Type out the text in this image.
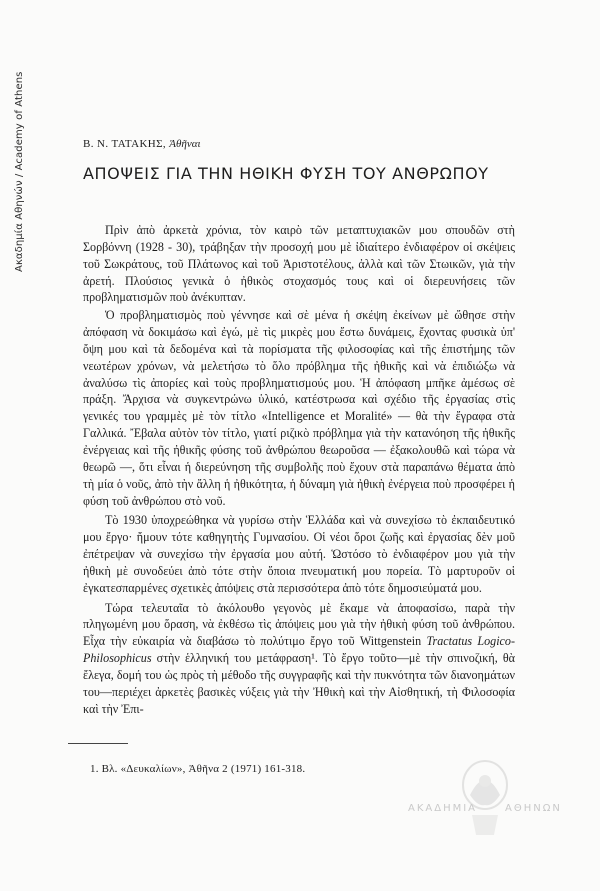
Ακαδημία Αθηνών / Academy of Athens	Β. Ν. ΤΑΤΑΚΗΣ, Ἀθῆναι
ΑΠΟΨΕΙΣ ΓΙΑ ΤΗΝ ΗΘΙΚΗ ΦΥΣΗ ΤΟΥ ΑΝΘΡΩΠΟΥ

Πρὶν ἀπὸ ἀρκετὰ χρόνια, τὸν καιρὸ τῶν μεταπτυχιακῶν μου σπουδῶν στὴ Σορβόννη (1928 - 30), τράβηξαν τὴν προσοχή μου μὲ ἰδιαίτερο ἐνδιαφέρον οἱ σκέψεις τοῦ Σωκράτους, τοῦ Πλάτωνος καὶ τοῦ Ἀριστοτέλους, ἀλλὰ καὶ τῶν Στωικῶν, γιὰ τὴν ἀρετή. Πλούσιος γενικὰ ὁ ἠθικὸς στοχασμός τους καὶ οἱ διερευνήσεις τῶν προβληματισμῶν ποὺ ἀνέκυπταν.

Ὁ προβληματισμὸς ποὺ γέννησε καὶ σὲ μένα ἡ σκέψη ἐκείνων μὲ ὤθησε στὴν ἀπόφαση νὰ δοκιμάσω καὶ ἐγώ, μὲ τὶς μικρὲς μου ἔστω δυνάμεις, ἔχοντας φυσικὰ ὑπ' ὄψη μου καὶ τὰ δεδομένα καὶ τὰ πορίσματα τῆς φιλοσοφίας καὶ τῆς ἐπιστήμης τῶν νεωτέρων χρόνων, νὰ μελετήσω τὸ ὅλο πρόβλημα τῆς ἠθικῆς καὶ νὰ ἐπιδιώξω νὰ ἀναλύσω τὶς ἀπορίες καὶ τοὺς προβληματισμούς μου. Ἡ ἀπόφαση μπῆκε ἀμέσως σὲ πράξη. Ἄρχισα νὰ συγκεντρώνω ὑλικό, κατέστρωσα καὶ σχέδιο τῆς ἐργασίας στὶς γενικές του γραμμὲς μὲ τὸν τίτλο «Intelligence et Moralité» — θὰ τὴν ἔγραφα στὰ Γαλλικά. Ἔβαλα αὐτὸν τὸν τίτλο, γιατί ριζικὸ πρόβλημα γιὰ τὴν κατανόηση τῆς ἠθικῆς ἐνέργειας καὶ τῆς ἠθικῆς φύσης τοῦ ἀνθρώπου θεωροῦσα — ἐξακολουθῶ καὶ τώρα νὰ θεωρῶ —, ὅτι εἶναι ἡ διερεύνηση τῆς συμβολῆς ποὺ ἔχουν στὰ παραπάνω θέματα ἀπὸ τὴ μία ὁ νοῦς, ἀπὸ τὴν ἄλλη ἡ ἠθικότητα, ἡ δύναμη γιὰ ἠθικὴ ἐνέργεια ποὺ προσφέρει ἡ φύση τοῦ ἀνθρώπου στὸ νοῦ.

Τὸ 1930 ὑποχρεώθηκα νὰ γυρίσω στὴν Ἑλλάδα καὶ νὰ συνεχίσω τὸ ἐκπαιδευτικό μου ἔργο· ἤμουν τότε καθηγητὴς Γυμνασίου. Οἱ νέοι ὅροι ζωῆς καὶ ἐργασίας δὲν μοῦ ἐπέτρεψαν νὰ συνεχίσω τὴν ἐργασία μου αὐτή. Ὡστόσο τὸ ἐνδιαφέρον μου γιὰ τὴν ἠθικὴ μὲ συνοδεύει ἀπὸ τότε στὴν ὅποια πνευματική μου πορεία. Τὸ μαρτυροῦν οἱ ἐγκατεσπαρμένες σχετικὲς ἀπόψεις στὰ περισσότερα ἀπὸ τότε δημοσιεύματά μου.

Τώρα τελευταῖα τὸ ἀκόλουθο γεγονὸς μὲ ἔκαμε νὰ ἀποφασίσω, παρὰ τὴν πληγωμένη μου ὅραση, νὰ ἐκθέσω τὶς ἀπόψεις μου γιὰ τὴν ἠθικὴ φύση τοῦ ἀνθρώπου. Εἶχα τὴν εὐκαιρία νὰ διαβάσω τὸ πολύτιμο ἔργο τοῦ Wittgenstein Tractatus Logico-Philosophicus στὴν ἑλληνική του μετάφραση¹. Τὸ ἔργο τοῦτο—μὲ τὴν σπινοζική, θὰ ἔλεγα, δομή του ὡς πρὸς τὴ μέθοδο τῆς συγγραφῆς καὶ τὴν πυκνότητα τῶν διανοημάτων του—περιέχει ἀρκετὲς βασικὲς νύξεις γιὰ τὴν Ἠθικὴ καὶ τὴν Αἰσθητική, τὴ Φιλοσοφία καὶ τὴν Ἐπι-

1. Βλ. «Δευκαλίων», Ἀθῆνα 2 (1971) 161-318.
ΑΚΑΔΗΜΙΑ	ΑΘΗΝΩΝ
